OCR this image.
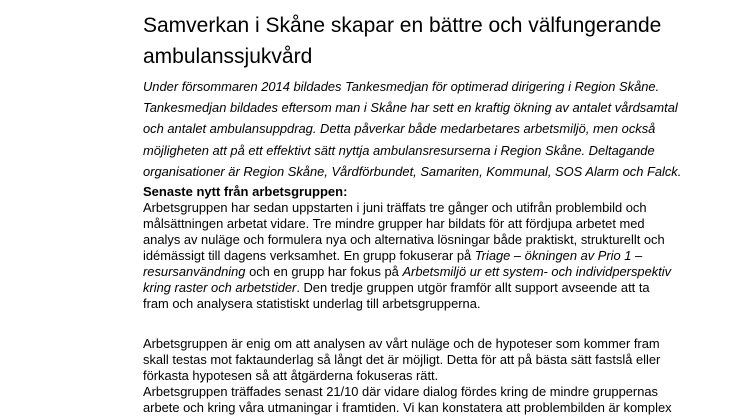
Samverkan i Skåne skapar en bättre och välfungerande
ambulanssjukvård
Under försommaren 2014 bildades Tankesmedjan för optimerad dirigering i Region Skåne.
Tankesmedjan bildades eftersom man i Skåne har sett en kraftig ökning av antalet vårdsamtal
och antalet ambulansuppdrag. Detta påverkar både medarbetares arbetsmiljö, men också
möjligheten att på ett effektivt sätt nyttja ambulansresurserna i Region Skåne. Deltagande
organisationer är Region Skåne, Vårdförbundet, Samariten, Kommunal, SOS Alarm och Falck.
Senaste nytt från arbetsgruppen:
Arbetsgruppen har sedan uppstarten i juni träffats tre gånger och utifrån problembild och
målsättningen arbetat vidare. Tre mindre grupper har bildats för att fördjupa arbetet med
analys av nuläge och formulera nya och alternativa lösningar både praktiskt, strukturellt och
idémässigt till dagens verksamhet. En grupp fokuserar på Triage – ökningen av Prio 1 –
resursanvändning och en grupp har fokus på Arbetsmiljö ur ett system- och individperspektiv
kring raster och arbetstider. Den tredje gruppen utgör framför allt support avseende att ta
fram och analysera statistiskt underlag till arbetsgrupperna.
Arbetsgruppen är enig om att analysen av vårt nuläge och de hypoteser som kommer fram
skall testas mot faktaunderlag så långt det är möjligt. Detta för att på bästa sätt fastslå eller
förkasta hypotesen så att åtgärderna fokuseras rätt.
Arbetsgruppen träffades senast 21/10 där vidare dialog fördes kring de mindre gruppernas
arbete och kring våra utmaningar i framtiden. Vi kan konstatera att problembilden är komplex
